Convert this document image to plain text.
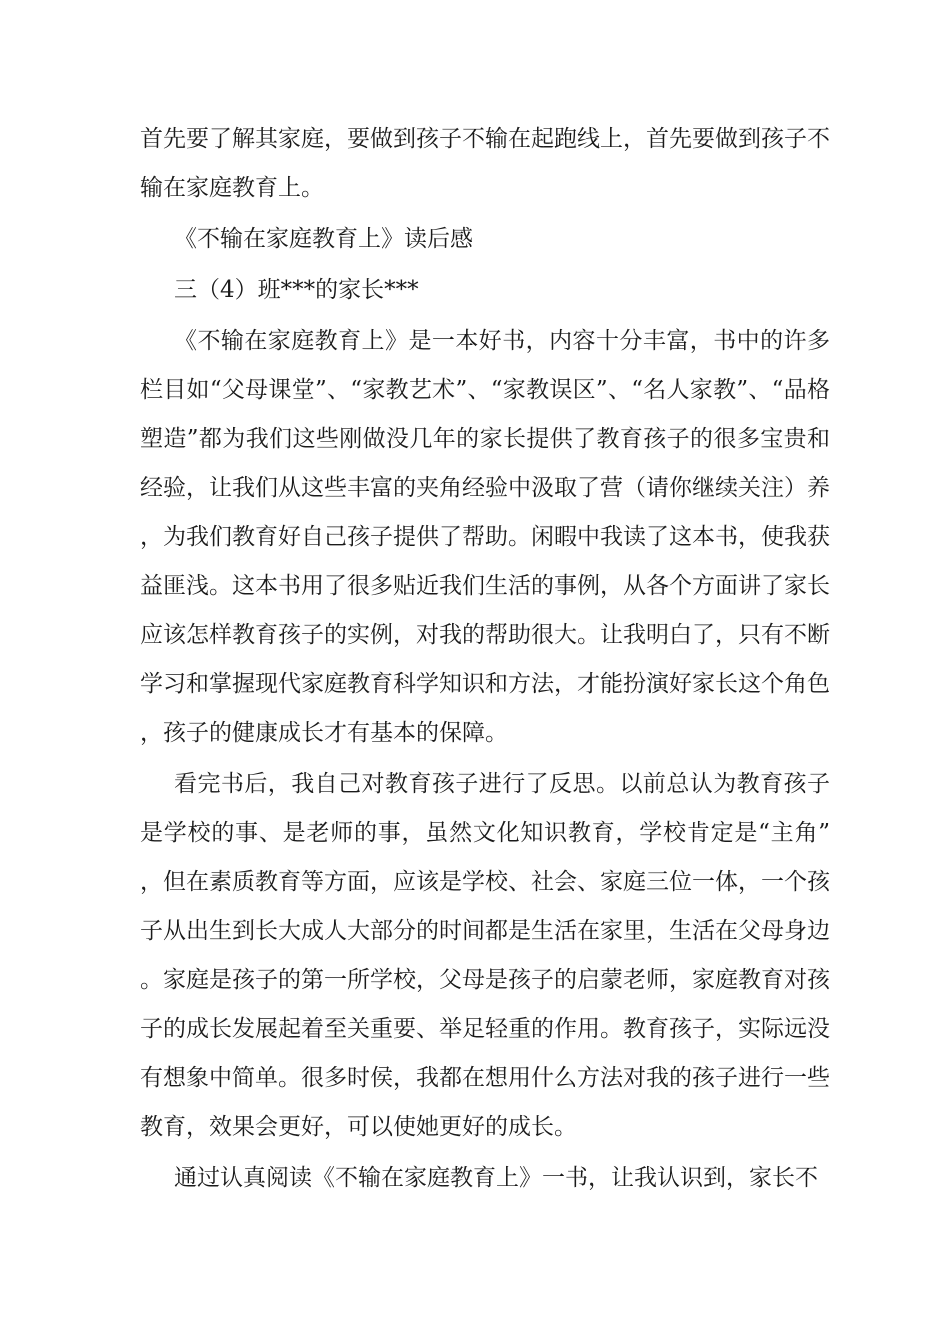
首先要了解其家庭，要做到孩子不输在起跑线上，首先要做到孩子不输在家庭教育上。

《不输在家庭教育上》读后感

三（4）班***的家长***

《不输在家庭教育上》是一本好书，内容十分丰富，书中的许多栏目如“父母课堂”、“家教艺术”、“家教误区”、“名人家教”、“品格塑造”都为我们这些刚做没几年的家长提供了教育孩子的很多宝贵和经验，让我们从这些丰富的夹角经验中汲取了营（请你继续关注）养，为我们教育好自己孩子提供了帮助。闲暇中我读了这本书，使我获益匪浅。这本书用了很多贴近我们生活的事例，从各个方面讲了家长应该怎样教育孩子的实例，对我的帮助很大。让我明白了，只有不断学习和掌握现代家庭教育科学知识和方法，才能扮演好家长这个角色，孩子的健康成长才有基本的保障。

看完书后，我自己对教育孩子进行了反思。以前总认为教育孩子是学校的事、是老师的事，虽然文化知识教育，学校肯定是“主角”，但在素质教育等方面，应该是学校、社会、家庭三位一体，一个孩子从出生到长大成人大部分的时间都是生活在家里，生活在父母身边。家庭是孩子的第一所学校，父母是孩子的启蒙老师，家庭教育对孩子的成长发展起着至关重要、举足轻重的作用。教育孩子，实际远没有想象中简单。很多时侯，我都在想用什么方法对我的孩子进行一些教育，效果会更好，可以使她更好的成长。

通过认真阅读《不输在家庭教育上》一书，让我认识到，家长不
